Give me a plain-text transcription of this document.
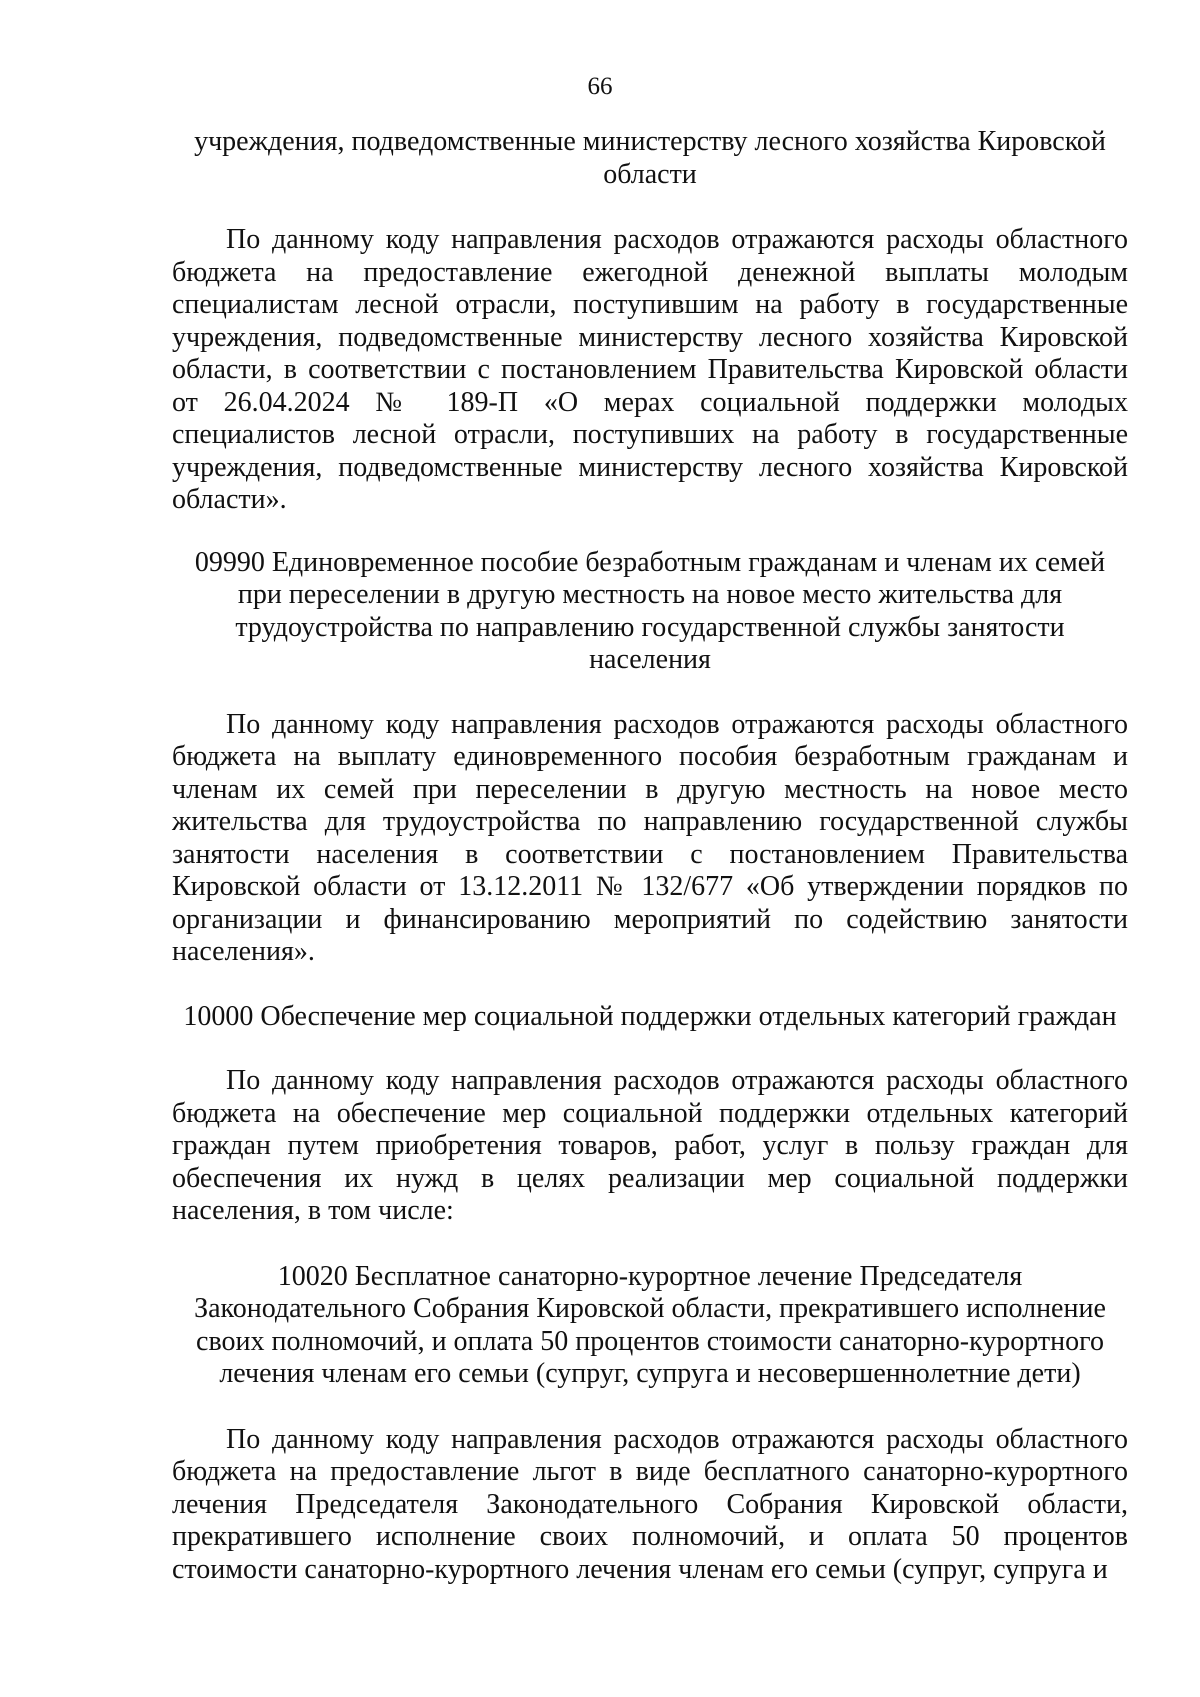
66

учреждения, подведомственные министерству лесного хозяйства Кировской области

По данному коду направления расходов отражаются расходы областного бюджета на предоставление ежегодной денежной выплаты молодым специалистам лесной отрасли, поступившим на работу в государственные учреждения, подведомственные министерству лесного хозяйства Кировской области, в соответствии с постановлением Правительства Кировской области от 26.04.2024 № 189-П «О мерах социальной поддержки молодых специалистов лесной отрасли, поступивших на работу в государственные учреждения, подведомственные министерству лесного хозяйства Кировской области».

09990 Единовременное пособие безработным гражданам и членам их семей при переселении в другую местность на новое место жительства для трудоустройства по направлению государственной службы занятости населения

По данному коду направления расходов отражаются расходы областного бюджета на выплату единовременного пособия безработным гражданам и членам их семей при переселении в другую местность на новое место жительства для трудоустройства по направлению государственной службы занятости населения в соответствии с постановлением Правительства Кировской области от 13.12.2011 № 132/677 «Об утверждении порядков по организации и финансированию мероприятий по содействию занятости населения».

10000 Обеспечение мер социальной поддержки отдельных категорий граждан

По данному коду направления расходов отражаются расходы областного бюджета на обеспечение мер социальной поддержки отдельных категорий граждан путем приобретения товаров, работ, услуг в пользу граждан для обеспечения их нужд в целях реализации мер социальной поддержки населения, в том числе:

10020 Бесплатное санаторно-курортное лечение Председателя Законодательного Собрания Кировской области, прекратившего исполнение своих полномочий, и оплата 50 процентов стоимости санаторно-курортного лечения членам его семьи (супруг, супруга и несовершеннолетние дети)

По данному коду направления расходов отражаются расходы областного бюджета на предоставление льгот в виде бесплатного санаторно-курортного лечения Председателя Законодательного Собрания Кировской области, прекратившего исполнение своих полномочий, и оплата 50 процентов стоимости санаторно-курортного лечения членам его семьи (супруг, супруга и
